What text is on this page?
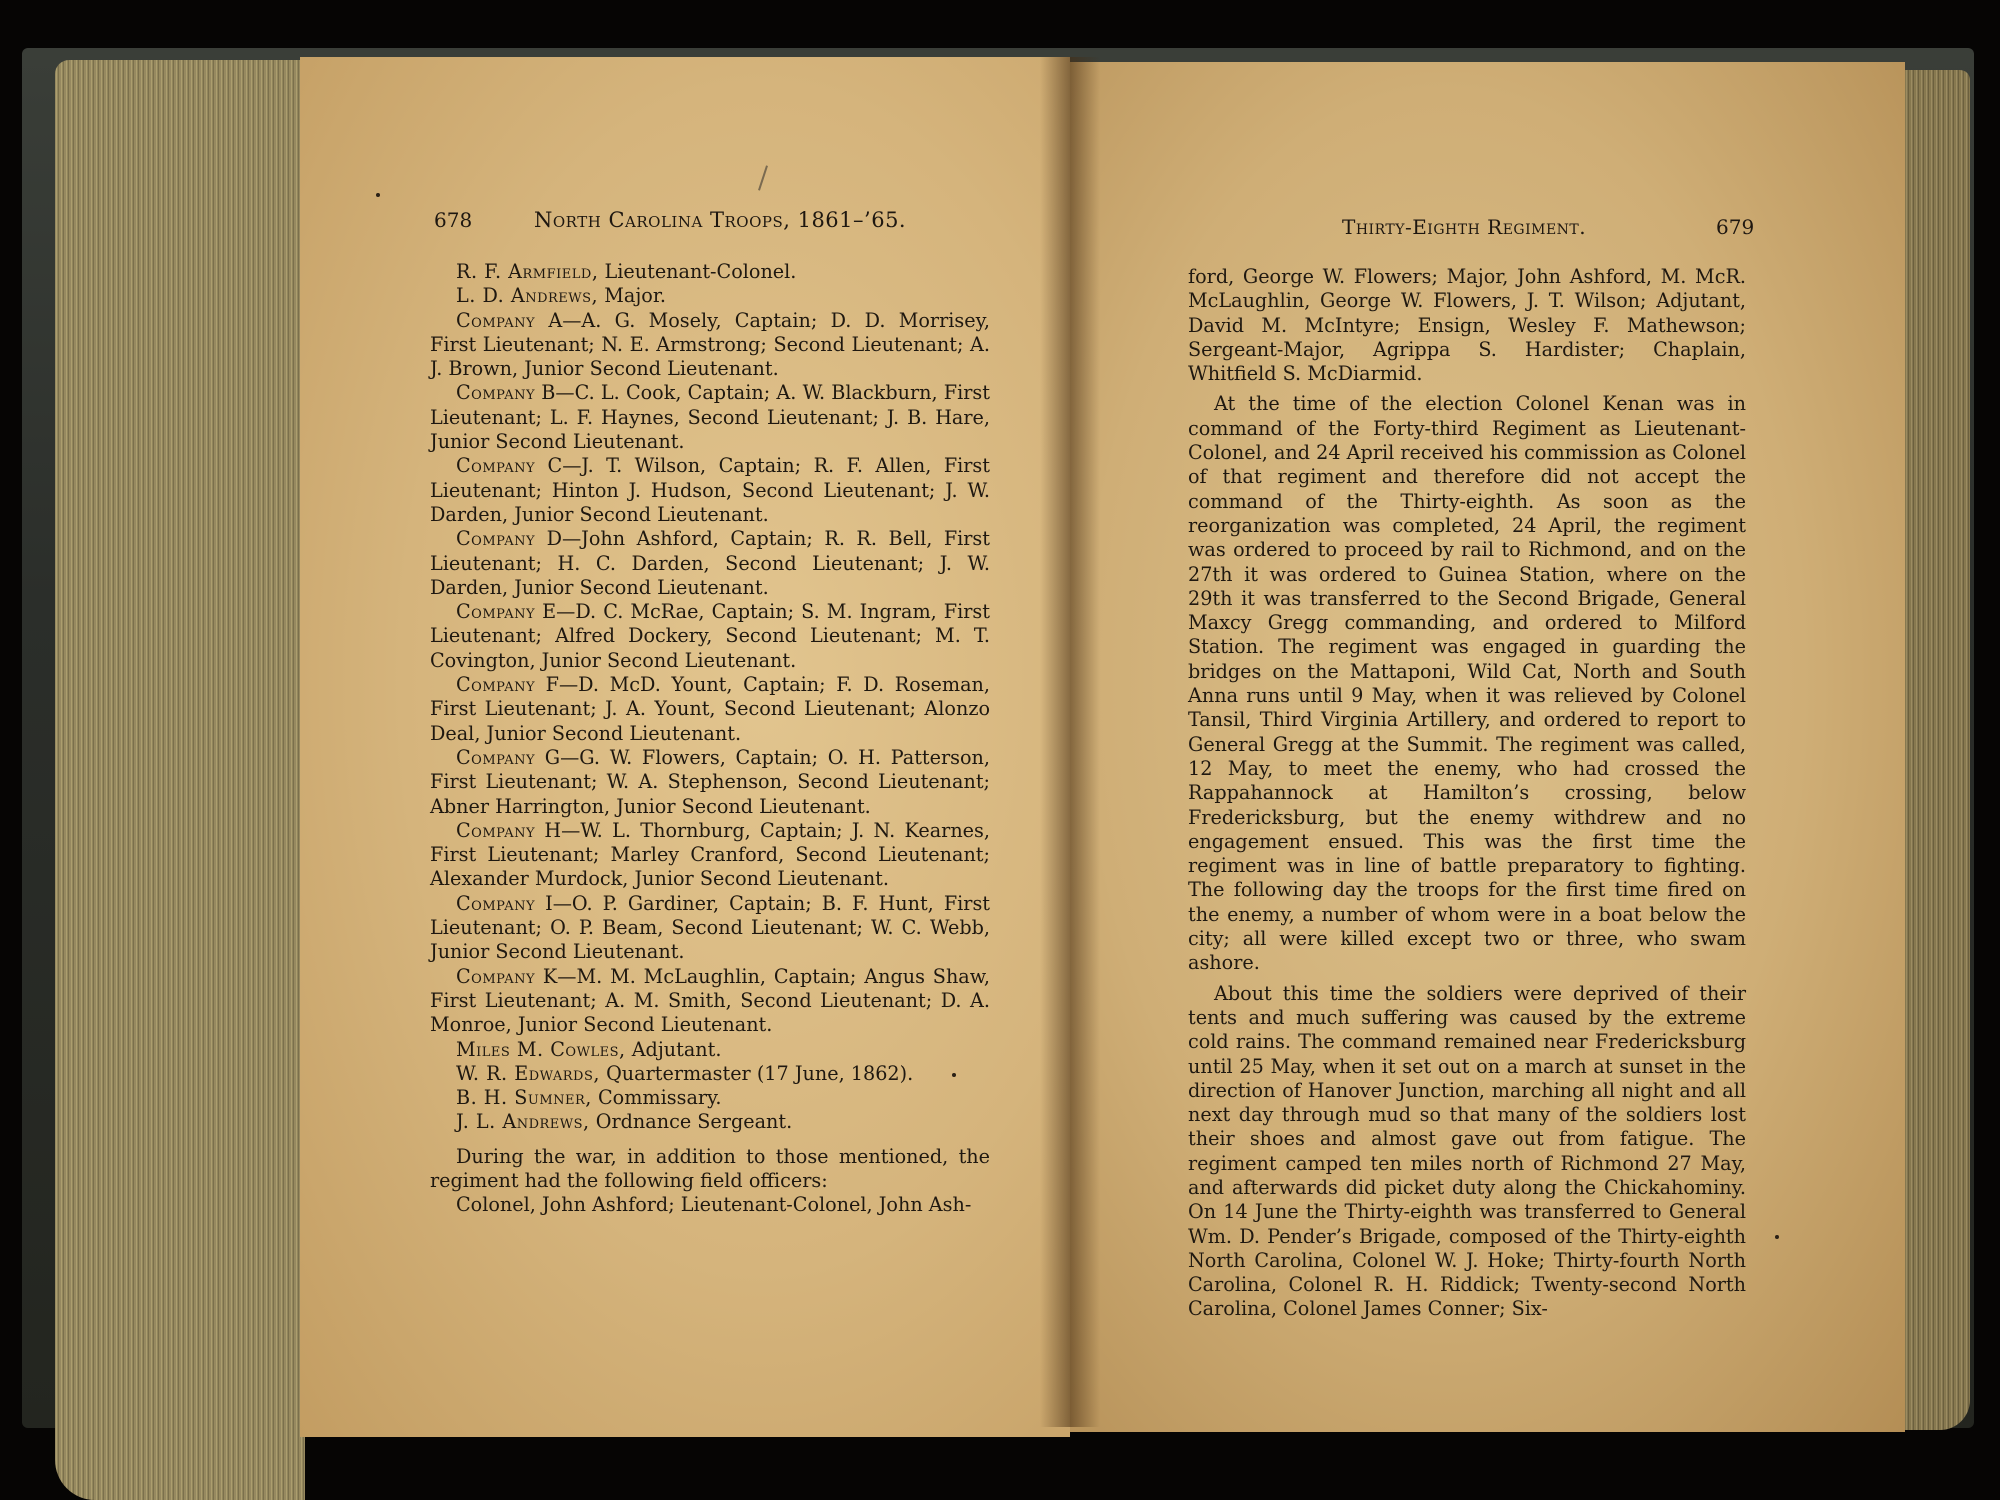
678	North Carolina Troops, 1861–’65.

R. F. Armfield, Lieutenant-Colonel.

L. D. Andrews, Major.

Company A—A. G. Mosely, Captain; D. D. Morrisey, First Lieutenant; N. E. Armstrong; Second Lieutenant; A. J. Brown, Junior Second Lieutenant.

Company B—C. L. Cook, Captain; A. W. Blackburn, First Lieutenant; L. F. Haynes, Second Lieutenant; J. B. Hare, Junior Second Lieutenant.

Company C—J. T. Wilson, Captain; R. F. Allen, First Lieutenant; Hinton J. Hudson, Second Lieutenant; J. W. Darden, Junior Second Lieutenant.

Company D—John Ashford, Captain; R. R. Bell, First Lieutenant; H. C. Darden, Second Lieutenant; J. W. Darden, Junior Second Lieutenant.

Company E—D. C. McRae, Captain; S. M. Ingram, First Lieutenant; Alfred Dockery, Second Lieutenant; M. T. Covington, Junior Second Lieutenant.

Company F—D. McD. Yount, Captain; F. D. Roseman, First Lieutenant; J. A. Yount, Second Lieutenant; Alonzo Deal, Junior Second Lieutenant.

Company G—G. W. Flowers, Captain; O. H. Patterson, First Lieutenant; W. A. Stephenson, Second Lieutenant; Abner Harrington, Junior Second Lieutenant.

Company H—W. L. Thornburg, Captain; J. N. Kearnes, First Lieutenant; Marley Cranford, Second Lieutenant; Alexander Murdock, Junior Second Lieutenant.

Company I—O. P. Gardiner, Captain; B. F. Hunt, First Lieutenant; O. P. Beam, Second Lieutenant; W. C. Webb, Junior Second Lieutenant.

Company K—M. M. McLaughlin, Captain; Angus Shaw, First Lieutenant; A. M. Smith, Second Lieutenant; D. A. Monroe, Junior Second Lieutenant.

Miles M. Cowles, Adjutant.

W. R. Edwards, Quartermaster (17 June, 1862).

B. H. Sumner, Commissary.

J. L. Andrews, Ordnance Sergeant.

During the war, in addition to those mentioned, the regiment had the following field officers:

Colonel, John Ashford; Lieutenant-Colonel, John Ash-

Thirty-Eighth Regiment.	679

ford, George W. Flowers; Major, John Ashford, M. McR. McLaughlin, George W. Flowers, J. T. Wilson; Adjutant, David M. McIntyre; Ensign, Wesley F. Mathewson; Sergeant-Major, Agrippa S. Hardister; Chaplain, Whitfield S. McDiarmid.

At the time of the election Colonel Kenan was in command of the Forty-third Regiment as Lieutenant-Colonel, and 24 April received his commission as Colonel of that regiment and therefore did not accept the command of the Thirty-eighth. As soon as the reorganization was completed, 24 April, the regiment was ordered to proceed by rail to Richmond, and on the 27th it was ordered to Guinea Station, where on the 29th it was transferred to the Second Brigade, General Maxcy Gregg commanding, and ordered to Milford Station. The regiment was engaged in guarding the bridges on the Mattaponi, Wild Cat, North and South Anna runs until 9 May, when it was relieved by Colonel Tansil, Third Virginia Artillery, and ordered to report to General Gregg at the Summit. The regiment was called, 12 May, to meet the enemy, who had crossed the Rappahannock at Hamilton’s crossing, below Fredericksburg, but the enemy withdrew and no engagement ensued. This was the first time the regiment was in line of battle preparatory to fighting. The following day the troops for the first time fired on the enemy, a number of whom were in a boat below the city; all were killed except two or three, who swam ashore.

About this time the soldiers were deprived of their tents and much suffering was caused by the extreme cold rains. The command remained near Fredericksburg until 25 May, when it set out on a march at sunset in the direction of Hanover Junction, marching all night and all next day through mud so that many of the soldiers lost their shoes and almost gave out from fatigue. The regiment camped ten miles north of Richmond 27 May, and afterwards did picket duty along the Chickahominy. On 14 June the Thirty-eighth was transferred to General Wm. D. Pender’s Brigade, composed of the Thirty-eighth North Carolina, Colonel W. J. Hoke; Thirty-fourth North Carolina, Colonel R. H. Riddick; Twenty-second North Carolina, Colonel James Conner; Six-
